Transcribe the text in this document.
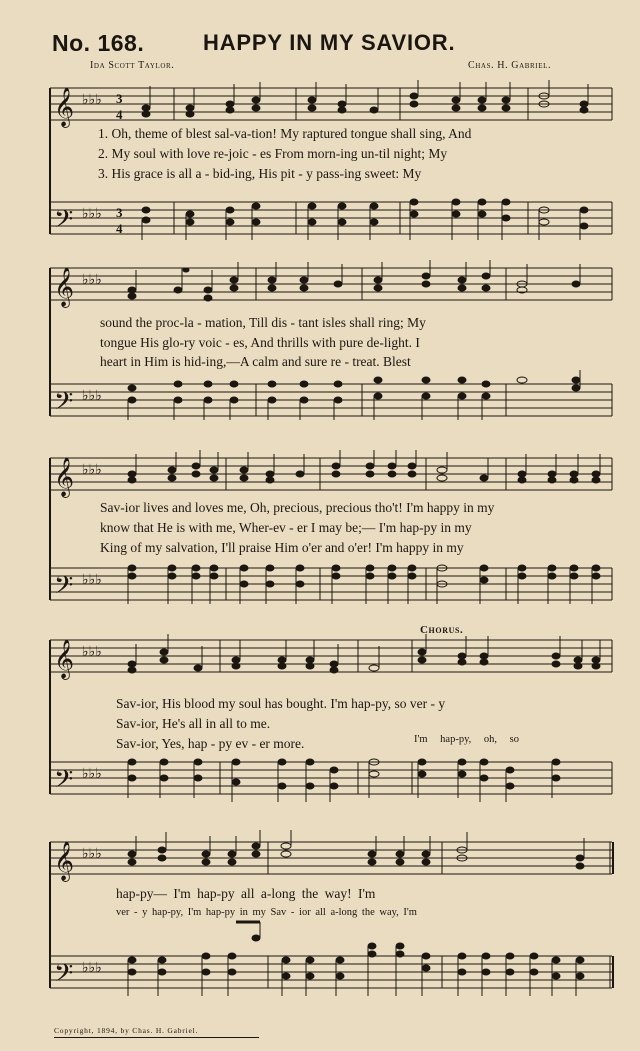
No. 168.	HAPPY IN MY SAVIOR.
Ida Scott Taylor.	Chas. H. Gabriel.
𝄞
𝄢
♭♭♭
♭♭♭
3
4
3
4
1. Oh, theme of blest sal-va-tion! My raptured tongue shall sing, And
2. My soul with love re-joic - es From morn-ing un-til night; My
3. His grace is all a - bid-ing, His pit - y pass-ing sweet: My
𝄞
𝄢
♭♭♭
♭♭♭
sound the proc-la - mation, Till dis - tant isles shall ring; My
tongue His glo-ry voic - es, And thrills with pure de-light. I
heart in Him is hid-ing,—A calm and sure re - treat. Blest
𝄞
𝄢
♭♭♭
♭♭♭
Sav-ior lives and loves me, Oh, precious, precious tho't! I'm happy in my
know that He is with me, Wher-ev - er I may be;— I'm hap-py in my
King of my salvation, I'll praise Him o'er and o'er! I'm happy in my
Chorus.
𝄞
𝄢
♭♭♭
♭♭♭
Sav-ior, His blood my soul has bought. I'm hap-py, so ver - y
Sav-ior, He's all in all to me.
Sav-ior, Yes, hap - py ev - er more.	I'm hap-py, oh, so
𝄞
𝄢
♭♭♭
♭♭♭
hap-py— I'm hap-py all a-long the way! I'm
ver - y hap-py, I'm hap-py in my Sav - ior all a-long the way, I'm
Copyright, 1894, by Chas. H. Gabriel.
